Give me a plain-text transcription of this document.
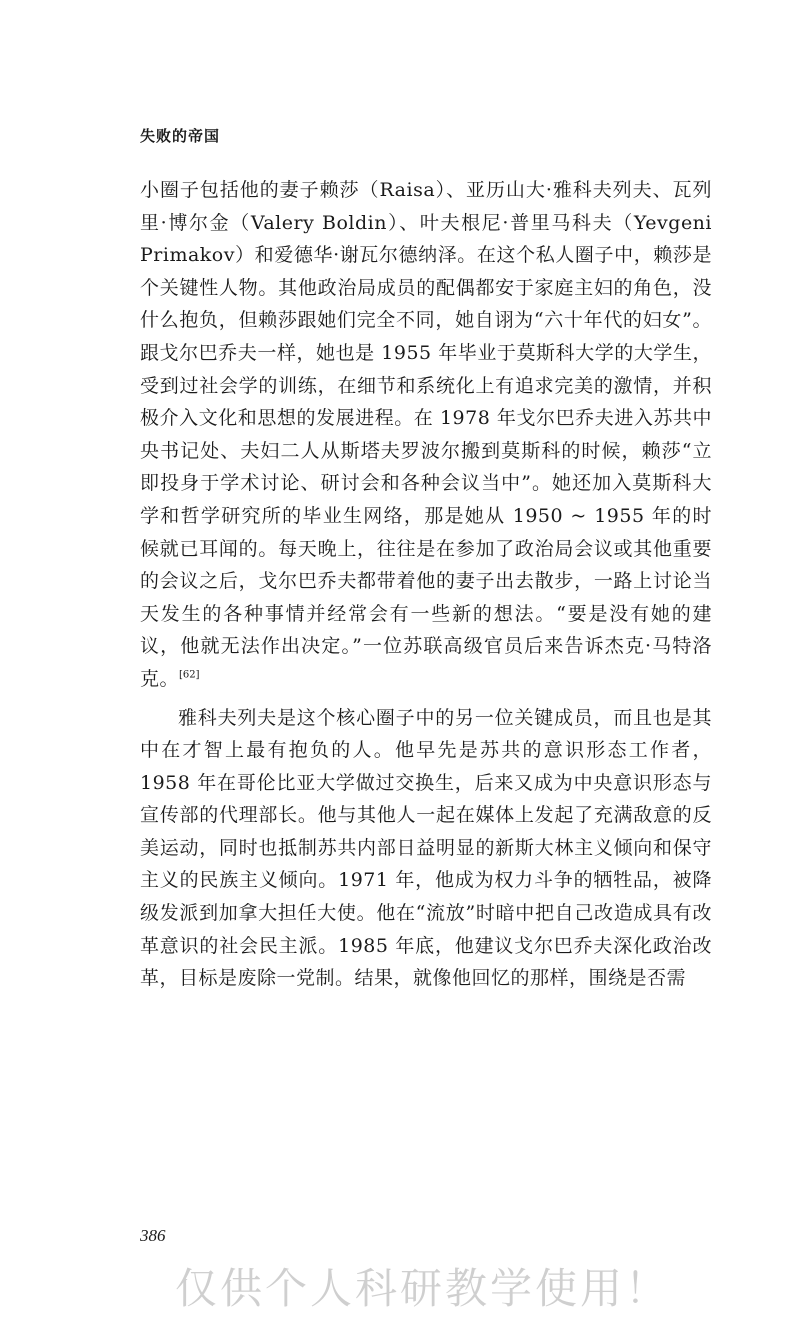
失败的帝国

小圈子包括他的妻子赖莎（Raisa）、亚历山大·雅科夫列夫、瓦列里·博尔金（Valery Boldin）、叶夫根尼·普里马科夫（Yevgeni Primakov）和爱德华·谢瓦尔德纳泽。在这个私人圈子中，赖莎是个关键性人物。其他政治局成员的配偶都安于家庭主妇的角色，没什么抱负，但赖莎跟她们完全不同，她自诩为“六十年代的妇女”。跟戈尔巴乔夫一样，她也是 1955 年毕业于莫斯科大学的大学生，受到过社会学的训练，在细节和系统化上有追求完美的激情，并积极介入文化和思想的发展进程。在 1978 年戈尔巴乔夫进入苏共中央书记处、夫妇二人从斯塔夫罗波尔搬到莫斯科的时候，赖莎“立即投身于学术讨论、研讨会和各种会议当中”。她还加入莫斯科大学和哲学研究所的毕业生网络，那是她从 1950 ~ 1955 年的时候就已耳闻的。每天晚上，往往是在参加了政治局会议或其他重要的会议之后，戈尔巴乔夫都带着他的妻子出去散步，一路上讨论当天发生的各种事情并经常会有一些新的想法。“要是没有她的建议，他就无法作出决定。”一位苏联高级官员后来告诉杰克·马特洛克。[62]

雅科夫列夫是这个核心圈子中的另一位关键成员，而且也是其中在才智上最有抱负的人。他早先是苏共的意识形态工作者，1958 年在哥伦比亚大学做过交换生，后来又成为中央意识形态与宣传部的代理部长。他与其他人一起在媒体上发起了充满敌意的反美运动，同时也抵制苏共内部日益明显的新斯大林主义倾向和保守主义的民族主义倾向。1971 年，他成为权力斗争的牺牲品，被降级发派到加拿大担任大使。他在“流放”时暗中把自己改造成具有改革意识的社会民主派。1985 年底，他建议戈尔巴乔夫深化政治改革，目标是废除一党制。结果，就像他回忆的那样，围绕是否需

386
仅供个人科研教学使用！
